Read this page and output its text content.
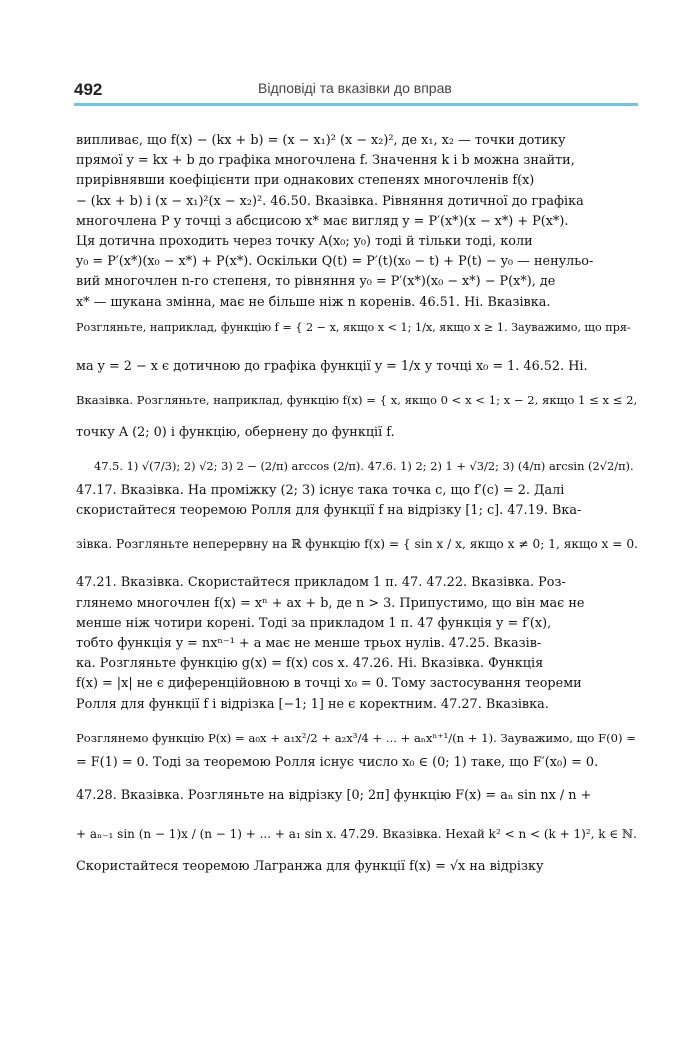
492	Відповіді та вказівки до вправ
випливає, що f(x) − (kx + b) = (x − x₁)² (x − x₂)², де x₁, x₂ — точки дотику
прямої y = kx + b до графіка многочлена f. Значення k і b можна знайти,
прирівнявши коефіцієнти при однакових степенях многочленів f(x)
− (kx + b) і (x − x₁)²(x − x₂)². 46.50. Вказівка. Рівняння дотичної до графіка
многочлена P у точці з абсцисою x* має вигляд y = P′(x*)(x − x*) + P(x*).
Ця дотична проходить через точку A(x₀; y₀) тоді й тільки тоді, коли
y₀ = P′(x*)(x₀ − x*) + P(x*). Оскільки Q(t) = P′(t)(x₀ − t) + P(t) − y₀ — ненульо-
вий многочлен n-го степеня, то рівняння y₀ = P′(x*)(x₀ − x*) − P(x*), де
x* — шукана змінна, має не більше ніж n коренів. 46.51. Ні. Вказівка.
Розгляньте, наприклад, функцію f = { 2 − x, якщо x < 1; 1/x, якщо x ≥ 1. Зауважимо, що пря-
ма y = 2 − x є дотичною до графіка функції y = 1/x у точці x₀ = 1. 46.52. Ні.
Вказівка. Розгляньте, наприклад, функцію f(x) = { x, якщо 0 < x < 1; x − 2, якщо 1 ≤ x ≤ 2,
точку A (2; 0) і функцію, обернену до функції f.
47.5. 1) √(7/3); 2) √2; 3) 2 − (2/π) arccos (2/π). 47.6. 1) 2; 2) 1 + √3/2; 3) (4/π) arcsin (2√2/π).
47.17. Вказівка. На проміжку (2; 3) існує така точка c, що f′(c) = 2. Далі
скористайтеся теоремою Ролля для функції f на відрізку [1; c]. 47.19. Вка-
зівка. Розгляньте неперервну на ℝ функцію f(x) = { sin x / x, якщо x ≠ 0; 1, якщо x = 0.
47.21. Вказівка. Скористайтеся прикладом 1 п. 47. 47.22. Вказівка. Роз-
глянемо многочлен f(x) = xⁿ + ax + b, де n > 3. Припустимо, що він має не
менше ніж чотири корені. Тоді за прикладом 1 п. 47 функція y = f′(x),
тобто функція y = nxⁿ⁻¹ + a має не менше трьох нулів. 47.25. Вказів-
ка. Розгляньте функцію g(x) = f(x) cos x. 47.26. Ні. Вказівка. Функція
f(x) = |x| не є диференційовною в точці x₀ = 0. Тому застосування теореми
Ролля для функції f і відрізка [−1; 1] не є коректним. 47.27. Вказівка.
Розглянемо функцію P(x) = a₀x + a₁x²/2 + a₂x³/4 + ... + aₙxⁿ⁺¹/(n + 1). Зауважимо, що F(0) =
= F(1) = 0. Тоді за теоремою Ролля існує число x₀ ∈ (0; 1) таке, що F′(x₀) = 0.
47.28. Вказівка. Розгляньте на відрізку [0; 2π] функцію F(x) = aₙ sin nx / n +
+ aₙ₋₁ sin (n − 1)x / (n − 1) + ... + a₁ sin x. 47.29. Вказівка. Нехай k² < n < (k + 1)², k ∈ ℕ.
Скористайтеся теоремою Лагранжа для функції f(x) = √x на відрізку
